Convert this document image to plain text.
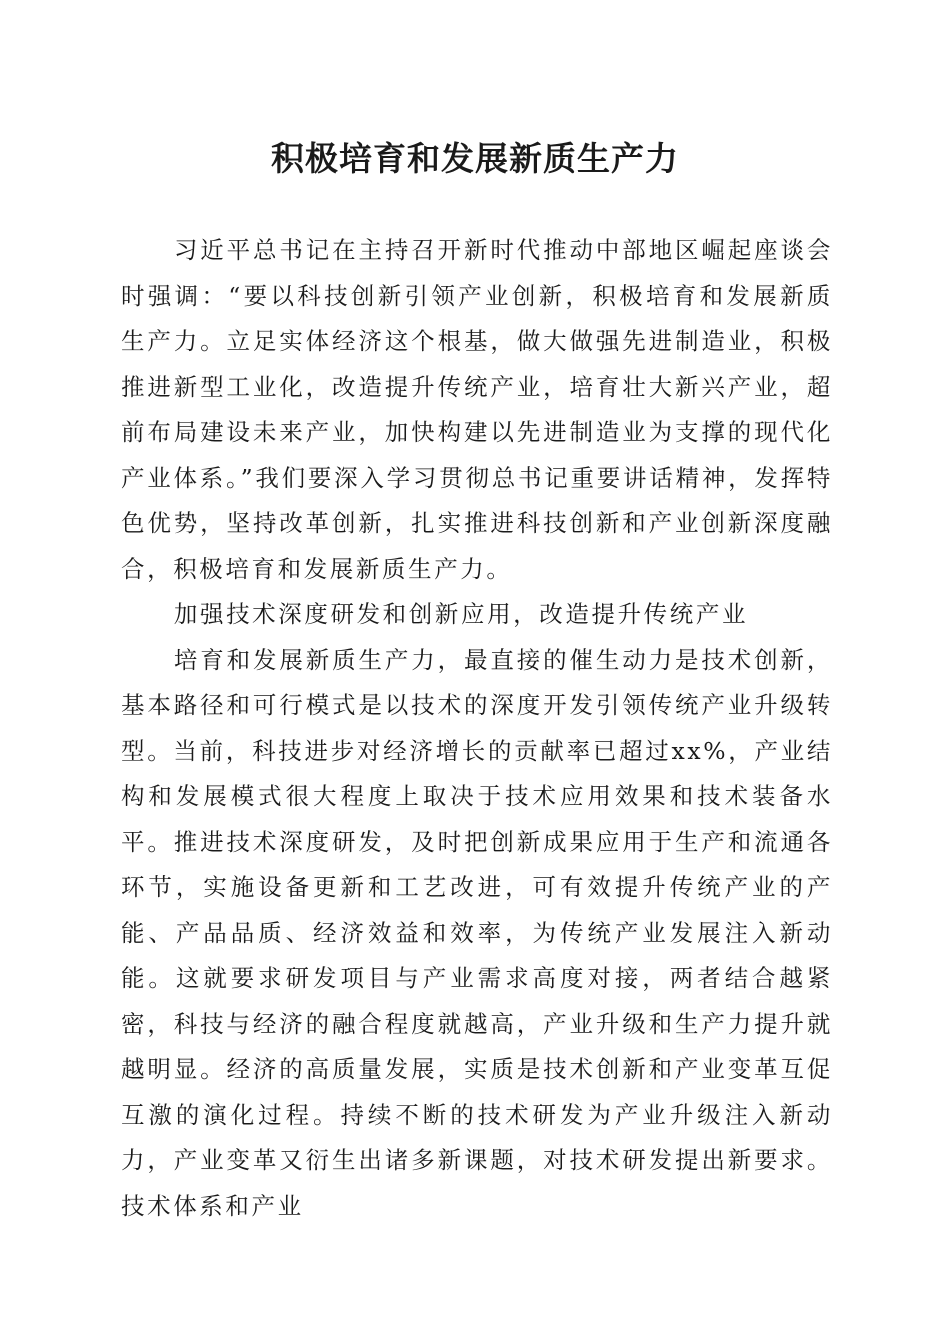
积极培育和发展新质生产力

习近平总书记在主持召开新时代推动中部地区崛起座谈会时强调：“要以科技创新引领产业创新，积极培育和发展新质生产力。立足实体经济这个根基，做大做强先进制造业，积极推进新型工业化，改造提升传统产业，培育壮大新兴产业，超前布局建设未来产业，加快构建以先进制造业为支撑的现代化产业体系。”我们要深入学习贯彻总书记重要讲话精神，发挥特色优势，坚持改革创新，扎实推进科技创新和产业创新深度融合，积极培育和发展新质生产力。

加强技术深度研发和创新应用，改造提升传统产业

培育和发展新质生产力，最直接的催生动力是技术创新，基本路径和可行模式是以技术的深度开发引领传统产业升级转型。当前，科技进步对经济增长的贡献率已超过xx%，产业结构和发展模式很大程度上取决于技术应用效果和技术装备水平。推进技术深度研发，及时把创新成果应用于生产和流通各环节，实施设备更新和工艺改进，可有效提升传统产业的产能、产品品质、经济效益和效率，为传统产业发展注入新动能。这就要求研发项目与产业需求高度对接，两者结合越紧密，科技与经济的融合程度就越高，产业升级和生产力提升就越明显。经济的高质量发展，实质是技术创新和产业变革互促互激的演化过程。持续不断的技术研发为产业升级注入新动力，产业变革又衍生出诸多新课题，对技术研发提出新要求。技术体系和产业
